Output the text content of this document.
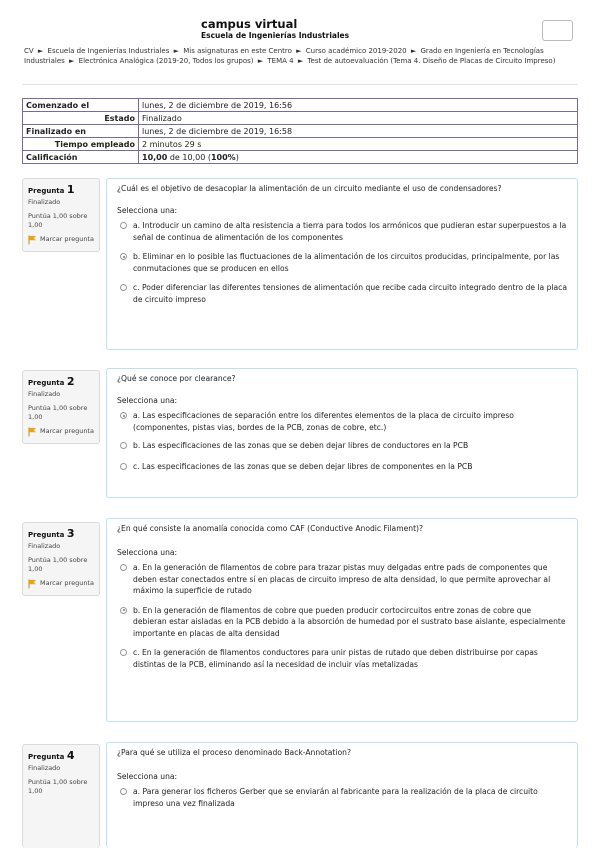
campus virtual
Escuela de Ingenierías Industriales
CV ► Escuela de Ingenierías Industriales ► Mis asignaturas en este Centro ► Curso académico 2019-2020 ► Grado en Ingeniería en Tecnologías Industriales ► Electrónica Analógica (2019-20, Todos los grupos) ► TEMA 4 ► Test de autoevaluación (Tema 4. Diseño de Placas de Circuito Impreso)
Comenzado el	lunes, 2 de diciembre de 2019, 16:56
Estado	Finalizado
Finalizado en	lunes, 2 de diciembre de 2019, 16:58
Tiempo empleado	2 minutos 29 s
Calificación	10,00 de 10,00 (100%)
Pregunta 1
Finalizado
Puntúa 1,00 sobre 1,00
Marcar pregunta
¿Cuál es el objetivo de desacoplar la alimentación de un circuito mediante el uso de condensadores?
Selecciona una:
a. Introducir un camino de alta resistencia a tierra para todos los armónicos que pudieran estar superpuestos a la señal de continua de alimentación de los componentes
b. Eliminar en lo posible las fluctuaciones de la alimentación de los circuitos producidas, principalmente, por las conmutaciones que se producen en ellos
c. Poder diferenciar las diferentes tensiones de alimentación que recibe cada circuito integrado dentro de la placa de circuito impreso
Pregunta 2
Finalizado
Puntúa 1,00 sobre 1,00
Marcar pregunta
¿Qué se conoce por clearance?
Selecciona una:
a. Las especificaciones de separación entre los diferentes elementos de la placa de circuito impreso (componentes, pistas vias, bordes de la PCB, zonas de cobre, etc.)
b. Las especificaciones de las zonas que se deben dejar libres de conductores en la PCB
c. Las especificaciones de las zonas que se deben dejar libres de componentes en la PCB
Pregunta 3
Finalizado
Puntúa 1,00 sobre 1,00
Marcar pregunta
¿En qué consiste la anomalía conocida como CAF (Conductive Anodic Filament)?
Selecciona una:
a. En la generación de filamentos de cobre para trazar pistas muy delgadas entre pads de componentes que deben estar conectados entre sí en placas de circuito impreso de alta densidad, lo que permite aprovechar al máximo la superficie de rutado
b. En la generación de filamentos de cobre que pueden producir cortocircuitos entre zonas de cobre que debieran estar aisladas en la PCB debido a la absorción de humedad por el sustrato base aislante, especialmente importante en placas de alta densidad
c. En la generación de filamentos conductores para unir pistas de rutado que deben distribuirse por capas distintas de la PCB, eliminando así la necesidad de incluir vías metalizadas
Pregunta 4
Finalizado
Puntúa 1,00 sobre 1,00
¿Para qué se utiliza el proceso denominado Back-Annotation?
Selecciona una:
a. Para generar los ficheros Gerber que se enviarán al fabricante para la realización de la placa de circuito impreso una vez finalizada
